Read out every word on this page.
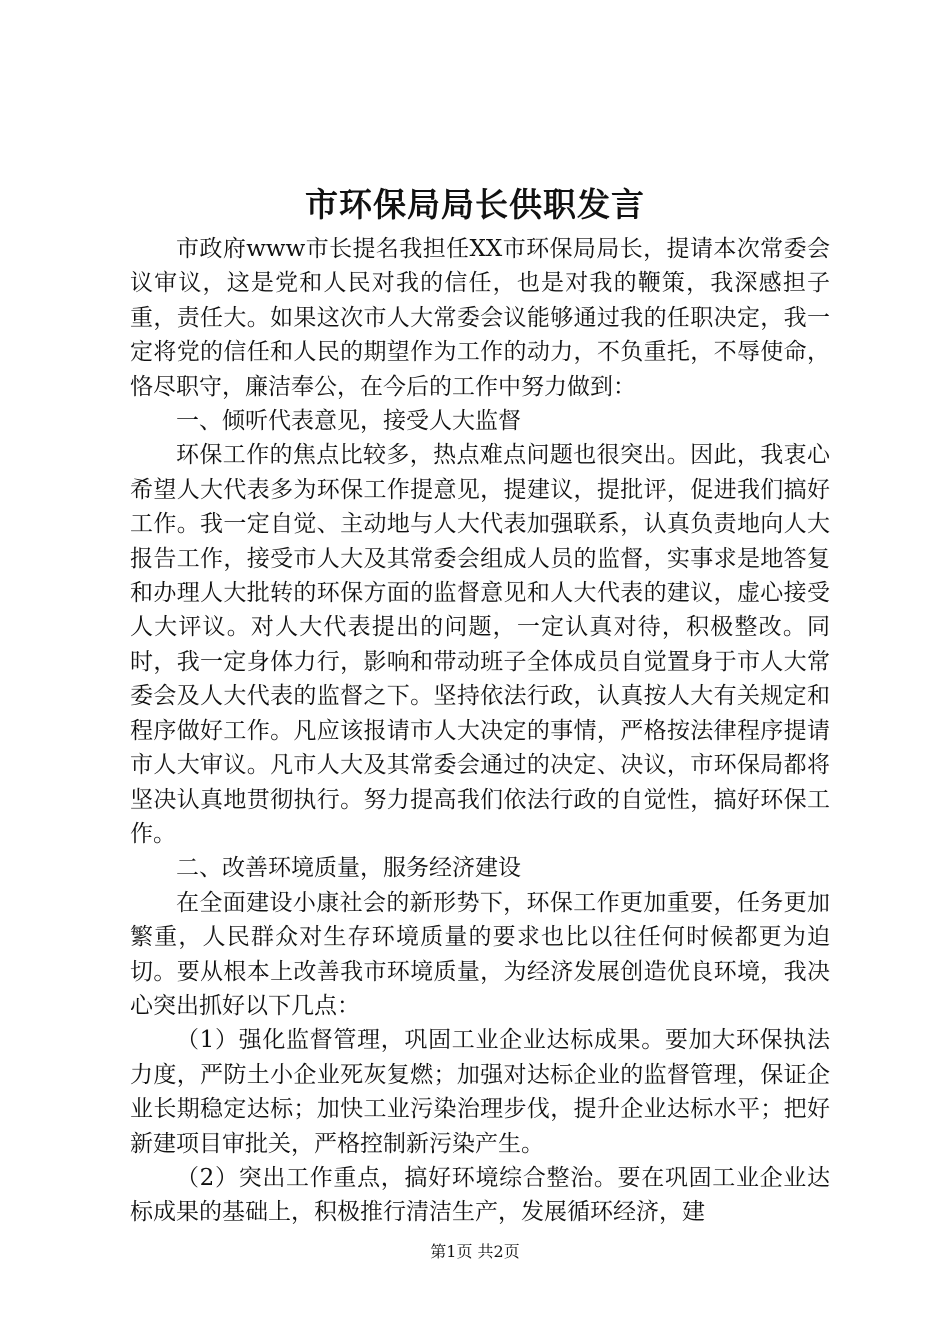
市环保局局长供职发言

市政府www市长提名我担任XX市环保局局长，提请本次常委会议审议，这是党和人民对我的信任，也是对我的鞭策，我深感担子重，责任大。如果这次市人大常委会议能够通过我的任职决定，我一定将党的信任和人民的期望作为工作的动力，不负重托，不辱使命，恪尽职守，廉洁奉公，在今后的工作中努力做到：

一、倾听代表意见，接受人大监督

环保工作的焦点比较多，热点难点问题也很突出。因此，我衷心希望人大代表多为环保工作提意见，提建议，提批评，促进我们搞好工作。我一定自觉、主动地与人大代表加强联系，认真负责地向人大报告工作，接受市人大及其常委会组成人员的监督，实事求是地答复和办理人大批转的环保方面的监督意见和人大代表的建议，虚心接受人大评议。对人大代表提出的问题，一定认真对待，积极整改。同时，我一定身体力行，影响和带动班子全体成员自觉置身于市人大常委会及人大代表的监督之下。坚持依法行政，认真按人大有关规定和程序做好工作。凡应该报请市人大决定的事情，严格按法律程序提请市人大审议。凡市人大及其常委会通过的决定、决议，市环保局都将坚决认真地贯彻执行。努力提高我们依法行政的自觉性，搞好环保工作。

二、改善环境质量，服务经济建设

在全面建设小康社会的新形势下，环保工作更加重要，任务更加繁重，人民群众对生存环境质量的要求也比以往任何时候都更为迫切。要从根本上改善我市环境质量，为经济发展创造优良环境，我决心突出抓好以下几点：

（1）强化监督管理，巩固工业企业达标成果。要加大环保执法力度，严防土小企业死灰复燃；加强对达标企业的监督管理，保证企业长期稳定达标；加快工业污染治理步伐，提升企业达标水平；把好新建项目审批关，严格控制新污染产生。

（2）突出工作重点，搞好环境综合整治。要在巩固工业企业达标成果的基础上，积极推行清洁生产，发展循环经济，建

第1页 共2页
